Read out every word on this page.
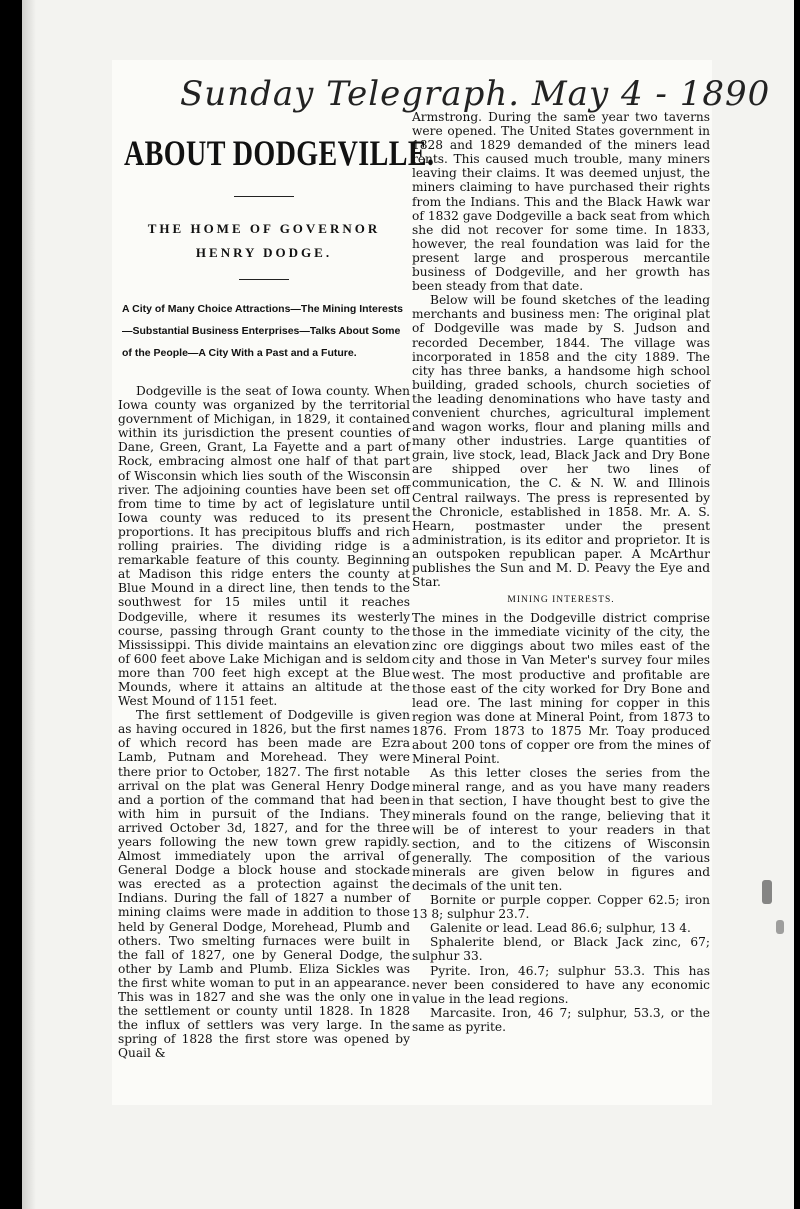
Sunday Telegraph. May 4 - 1890
ABOUT DODGEVILLE.
THE HOME OF GOVERNOR
HENRY DODGE.
A City of Many Choice Attractions—The Mining Interests—Substantial Business Enterprises—Talks About Some of the People—A City With a Past and a Future.

Dodgeville is the seat of Iowa county. When Iowa county was organized by the territorial government of Michigan, in 1829, it contained within its jurisdiction the present counties of Dane, Green, Grant, La Fayette and a part of Rock, embracing almost one half of that part of Wisconsin which lies south of the Wisconsin river. The adjoining counties have been set off from time to time by act of legislature until Iowa county was reduced to its present proportions. It has precipitous bluffs and rich rolling prairies. The dividing ridge is a remarkable feature of this county. Beginning at Madison this ridge enters the county at Blue Mound in a direct line, then tends to the southwest for 15 miles until it reaches Dodgeville, where it resumes its westerly course, passing through Grant county to the Mississippi. This divide maintains an elevation of 600 feet above Lake Michigan and is seldom more than 700 feet high except at the Blue Mounds, where it attains an altitude at the West Mound of 1151 feet.

The first settlement of Dodgeville is given as having occured in 1826, but the first names of which record has been made are Ezra Lamb, Putnam and Morehead. They were there prior to October, 1827. The first notable arrival on the plat was General Henry Dodge and a portion of the command that had been with him in pursuit of the Indians. They arrived October 3d, 1827, and for the three years following the new town grew rapidly. Almost immediately upon the arrival of General Dodge a block house and stockade was erected as a protection against the Indians. During the fall of 1827 a number of mining claims were made in addition to those held by General Dodge, Morehead, Plumb and others. Two smelting furnaces were built in the fall of 1827, one by General Dodge, the other by Lamb and Plumb. Eliza Sickles was the first white woman to put in an appearance. This was in 1827 and she was the only one in the settlement or county until 1828. In 1828 the influx of settlers was very large. In the spring of 1828 the first store was opened by Quail &

Armstrong. During the same year two taverns were opened. The United States government in 1828 and 1829 demanded of the miners lead rents. This caused much trouble, many miners leaving their claims. It was deemed unjust, the miners claiming to have purchased their rights from the Indians. This and the Black Hawk war of 1832 gave Dodgeville a back seat from which she did not recover for some time. In 1833, however, the real foundation was laid for the present large and prosperous mercantile business of Dodgeville, and her growth has been steady from that date.

Below will be found sketches of the leading merchants and business men: The original plat of Dodgeville was made by S. Judson and recorded December, 1844. The village was incorporated in 1858 and the city 1889. The city has three banks, a handsome high school building, graded schools, church societies of the leading denominations who have tasty and convenient churches, agricultural implement and wagon works, flour and planing mills and many other industries. Large quantities of grain, live stock, lead, Black Jack and Dry Bone are shipped over her two lines of communication, the C. & N. W. and Illinois Central railways. The press is represented by the Chronicle, established in 1858. Mr. A. S. Hearn, postmaster under the present administration, is its editor and proprietor. It is an outspoken republican paper. A McArthur publishes the Sun and M. D. Peavy the Eye and Star.

MINING INTERESTS.

The mines in the Dodgeville district comprise those in the immediate vicinity of the city, the zinc ore diggings about two miles east of the city and those in Van Meter's survey four miles west. The most productive and profitable are those east of the city worked for Dry Bone and lead ore. The last mining for copper in this region was done at Mineral Point, from 1873 to 1876. From 1873 to 1875 Mr. Toay produced about 200 tons of copper ore from the mines of Mineral Point.

As this letter closes the series from the mineral range, and as you have many readers in that section, I have thought best to give the minerals found on the range, believing that it will be of interest to your readers in that section, and to the citizens of Wisconsin generally. The composition of the various minerals are given below in figures and decimals of the unit ten.

Bornite or purple copper. Copper 62.5; iron 13 8; sulphur 23.7.

Galenite or lead. Lead 86.6; sulphur, 13 4.

Sphalerite blend, or Black Jack zinc, 67; sulphur 33.

Pyrite. Iron, 46.7; sulphur 53.3. This has never been considered to have any economic value in the lead regions.

Marcasite. Iron, 46 7; sulphur, 53.3, or the same as pyrite.
